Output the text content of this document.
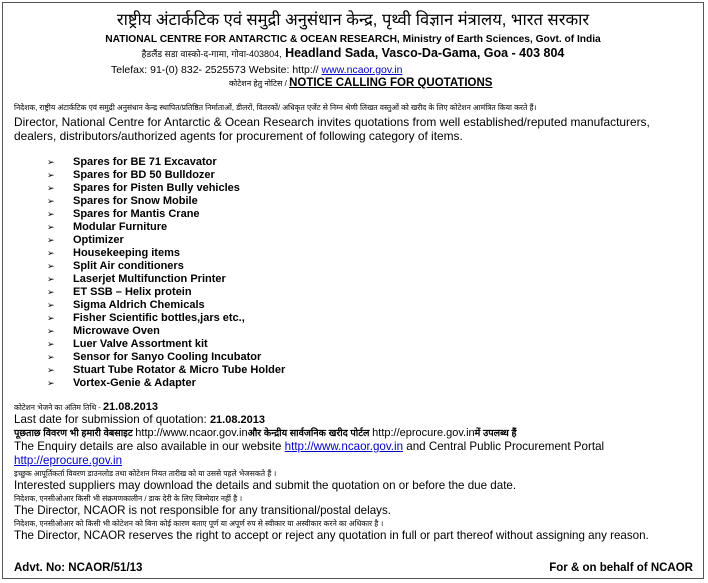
राष्ट्रीय अंटार्कटिक एवं समुद्री अनुसंधान केन्द्र, पृथ्वी विज्ञान मंत्रालय, भारत सरकार
NATIONAL CENTRE FOR ANTARCTIC & OCEAN RESEARCH, Ministry of Earth Sciences, Govt. of India
हैडलैंड सडा वास्को-द-गामा, गोवा-403804, Headland Sada, Vasco-Da-Gama, Goa - 403 804
Telefax: 91-(0) 832- 2525573 Website: http:// www.ncaor.gov.in
कोटेशन हेतु नोटिस / NOTICE CALLING FOR QUOTATIONS
निदेशक, राष्ट्रीय अंटार्कटिक एवं समुद्री अनुसंधान केन्द्र स्थापित/प्रतिष्ठित निर्माताओं, डीलरों, वितरकों/ अधिकृत एजेंट से निम्न श्रेणी लिखत वस्तुओं को खरीद के लिए कोटेशन आमंत्रित किया करते हैं।
Director, National Centre for Antarctic & Ocean Research invites quotations from well established/reputed manufacturers, dealers, distributors/authorized agents for procurement of following category of items.
➢ Spares for BE 71 Excavator
➢ Spares for BD 50 Bulldozer
➢ Spares for Pisten Bully vehicles
➢ Spares for Snow Mobile
➢ Spares for Mantis Crane
➢ Modular Furniture
➢ Optimizer
➢ Housekeeping items
➢ Split Air conditioners
➢ Laserjet Multifunction Printer
➢ ET SSB – Helix protein
➢ Sigma Aldrich Chemicals
➢ Fisher Scientific bottles,jars etc.,
➢ Microwave Oven
➢ Luer Valve Assortment kit
➢ Sensor for Sanyo Cooling Incubator
➢ Stuart Tube Rotator & Micro Tube Holder
➢ Vortex-Genie & Adapter
कोटेशन भेजने का अंतिम तिथि - 21.08.2013
Last date for submission of quotation: 21.08.2013
पूछताछ विवरण भी हमारी वेबसाइट http://www.ncaor.gov.inऔर केन्द्रीय सार्वजनिक खरीद पोर्टल http://eprocure.gov.inमें उपलब्ध हैं
The Enquiry details are also available in our website http://www.ncaor.gov.in and Central Public Procurement Portal
http://eprocure.gov.in
इच्छुक आपूर्तिकर्ता विवरण डाउनलोड तथा कोटेशन नियत तारीख को या उससे पहले भेजसकते हैं ।
Interested suppliers may download the details and submit the quotation on or before the due date.
निदेशक, एनसीओआर किसी भी संक्रमणकालीन / डाक देरी के लिए जिम्मेदार नहीं है ।
The Director, NCAOR is not responsible for any transitional/postal delays.
निदेशक, एनसीओआर को किसी भी कोटेशन को बिना कोई कारण बताए पूर्ण या अपूर्ण रुप से स्वीकार या अस्वीकार करने का अधिकार है ।
The Director, NCAOR reserves the right to accept or reject any quotation in full or part thereof without assigning any reason.
Advt. No: NCAOR/51/13	For & on behalf of NCAOR
